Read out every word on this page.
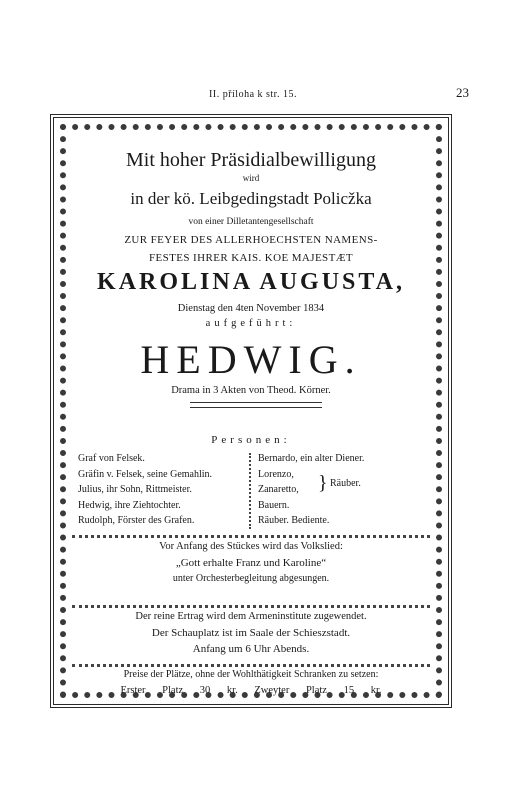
II. příloha k str. 15.	23
Mit hoher Präsidialbewilligung
wird
in der kö. Leibgedingstadt Policžka
von einer Dilletantengesellschaft
ZUR FEYER DES ALLERHOECHSTEN NAMENS-
FESTES IHRER KAIS. KOE MAJESTÆT
KAROLINA AUGUSTA,
Dienstag den 4ten November 1834
aufgeführt:
HEDWIG.
Drama in 3 Akten von Theod. Körner.
Personen:
Graf von Felsek.
Gräfin v. Felsek, seine Gemahlin.
Julius, ihr Sohn, Rittmeister.
Hedwig, ihre Ziehtochter.
Rudolph, Förster des Grafen.
Bernardo, ein alter Diener.
Lorenzo,
Zanaretto,
Bauern.
Räuber. Bediente.
} Räuber.
Vor Anfang des Stückes wird das Volkslied:
„Gott erhalte Franz und Karoline“
unter Orchesterbegleitung abgesungen.
Der reine Ertrag wird dem Armeninstitute zugewendet.
Der Schauplatz ist im Saale der Schieszstadt.
Anfang um 6 Uhr Abends.
Preise der Plätze, ohne der Wohlthätigkeit Schranken zu setzen:
Erster Platz 30 kr. Zweyter Platz 15 kr.
